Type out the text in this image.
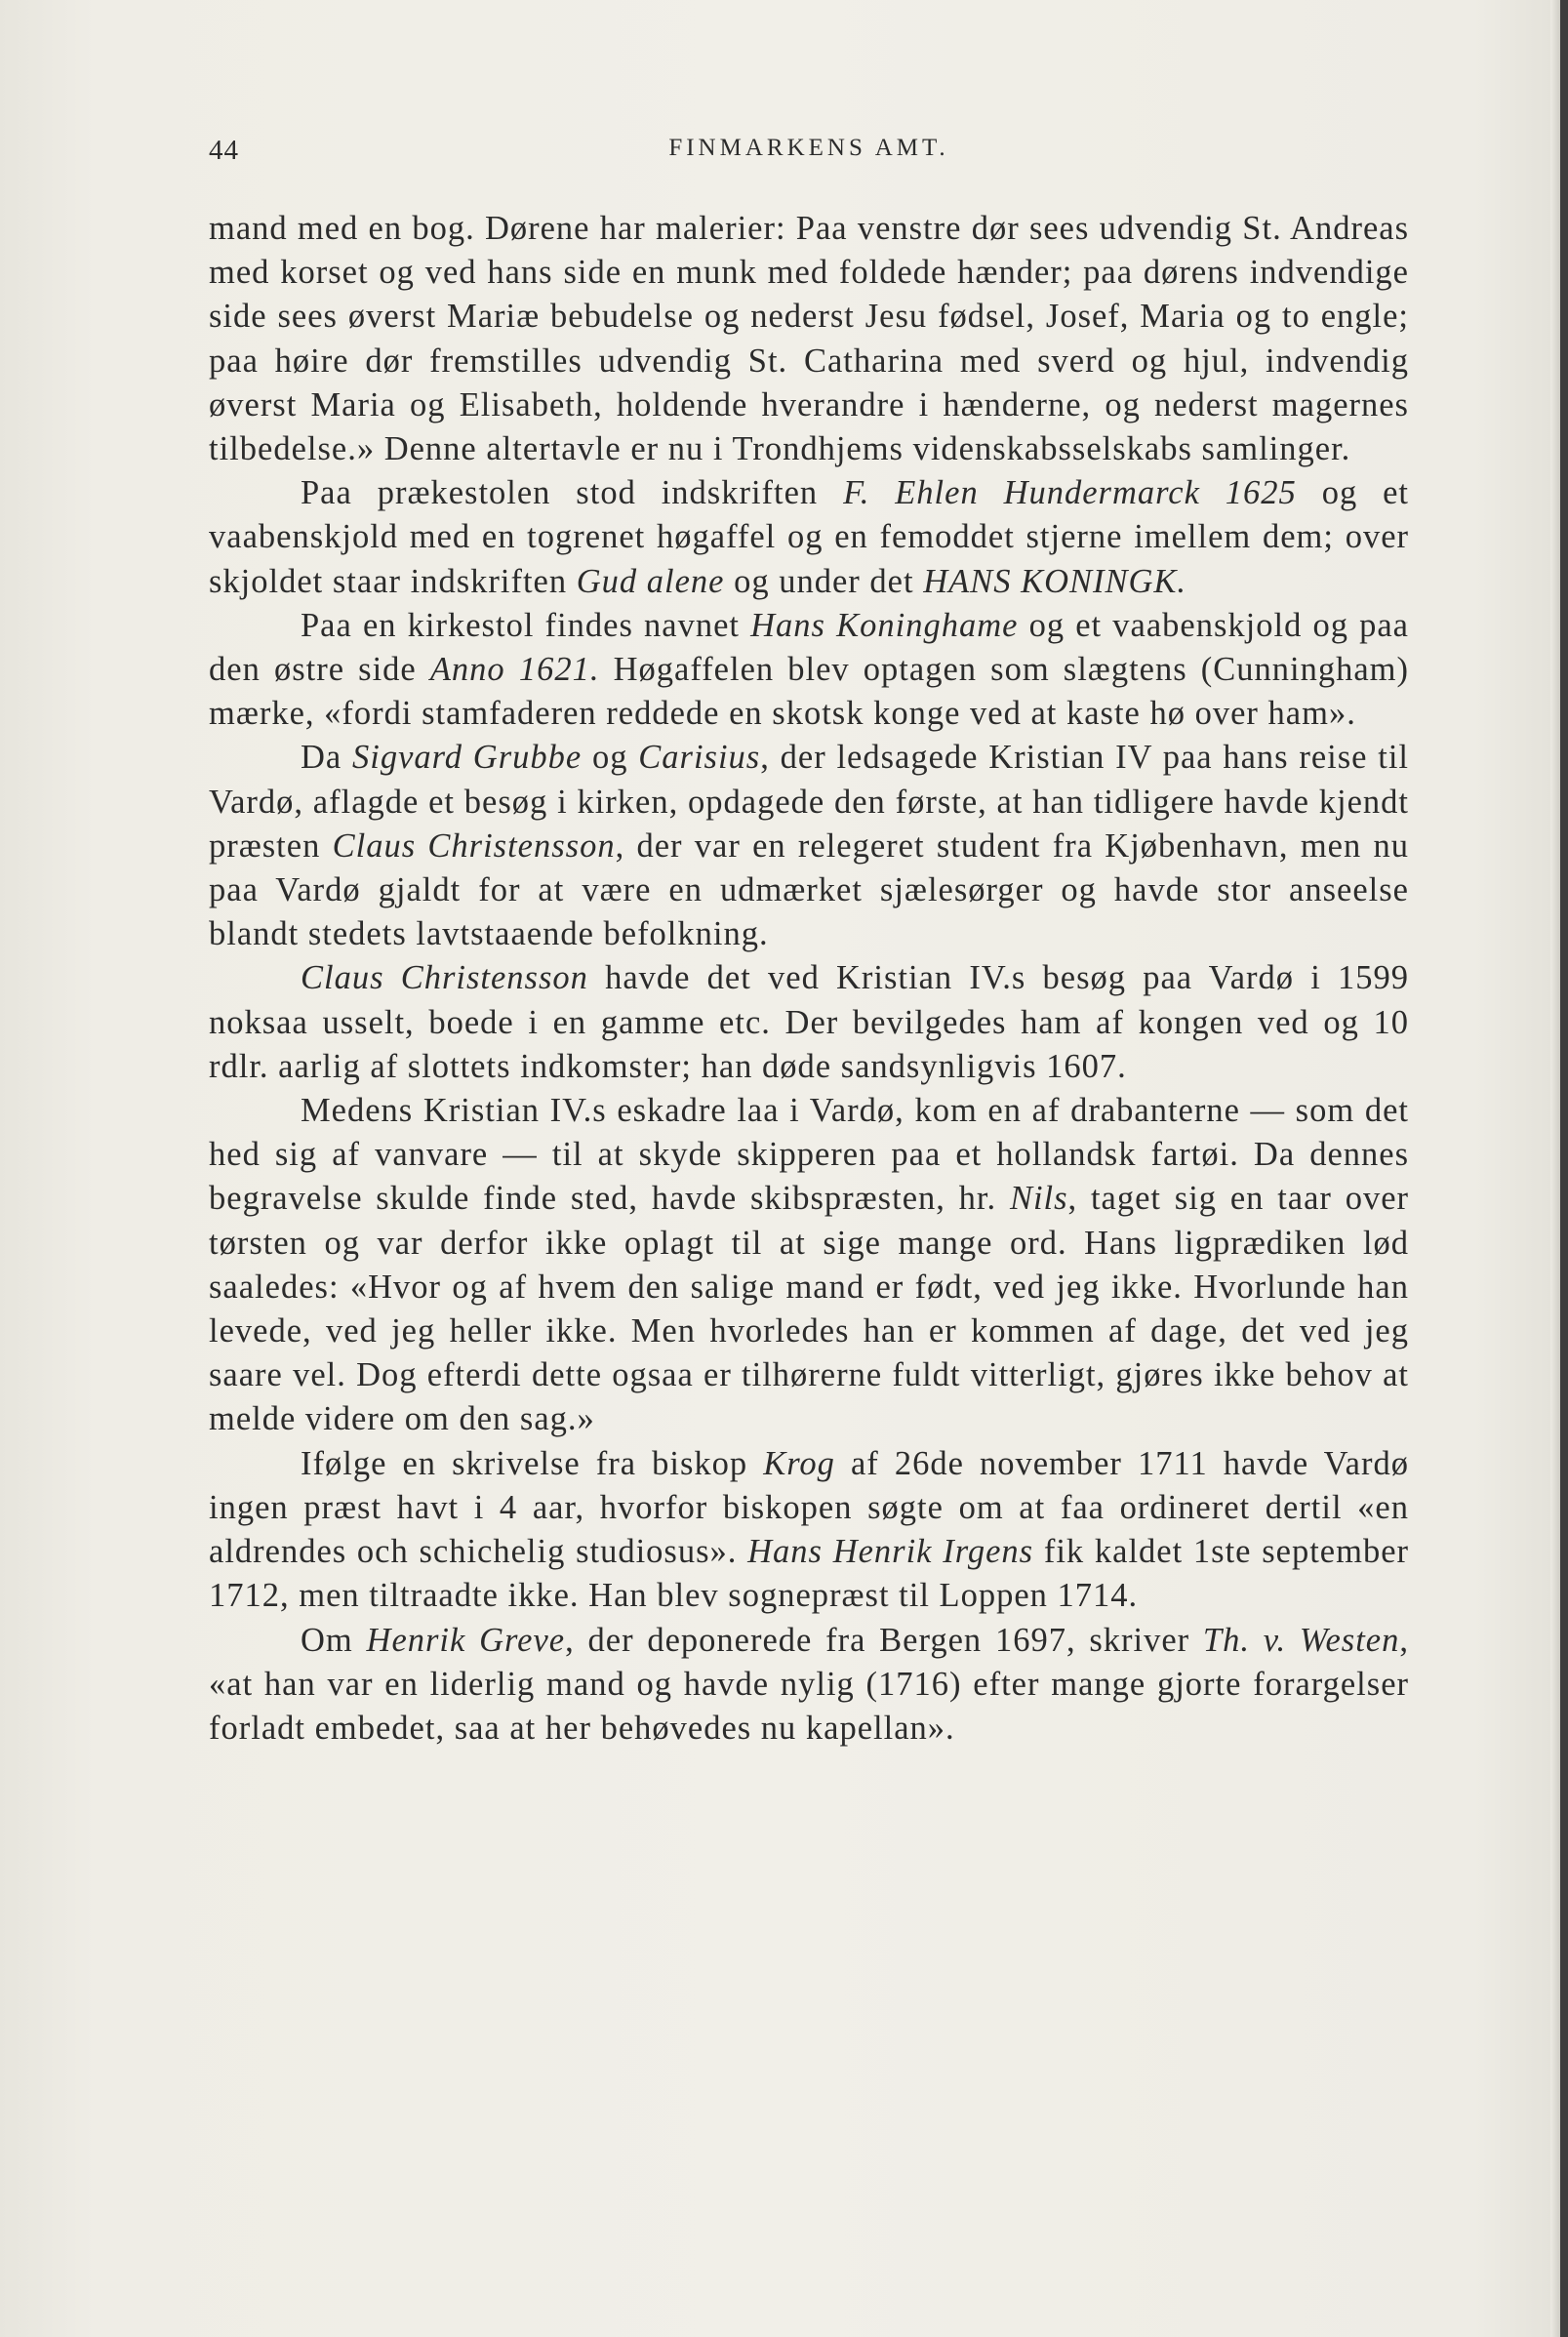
44	FINMARKENS AMT.

mand med en bog. Dørene har malerier: Paa venstre dør sees udvendig St. Andreas med korset og ved hans side en munk med foldede hænder; paa dørens indvendige side sees øverst Mariæ bebudelse og nederst Jesu fødsel, Josef, Maria og to engle; paa høire dør fremstilles udvendig St. Catharina med sverd og hjul, indvendig øverst Maria og Elisabeth, holdende hverandre i hænderne, og nederst magernes tilbedelse.» Denne altertavle er nu i Trondhjems videnskabsselskabs samlinger.

Paa prækestolen stod indskriften F. Ehlen Hundermarck 1625 og et vaabenskjold med en togrenet høgaffel og en femoddet stjerne imellem dem; over skjoldet staar indskriften Gud alene og under det HANS KONINGK.

Paa en kirkestol findes navnet Hans Koninghame og et vaabenskjold og paa den østre side Anno 1621. Høgaffelen blev optagen som slægtens (Cunningham) mærke, «fordi stamfaderen reddede en skotsk konge ved at kaste hø over ham».

Da Sigvard Grubbe og Carisius, der ledsagede Kristian IV paa hans reise til Vardø, aflagde et besøg i kirken, opdagede den første, at han tidligere havde kjendt præsten Claus Christensson, der var en relegeret student fra Kjøbenhavn, men nu paa Vardø gjaldt for at være en udmærket sjælesørger og havde stor anseelse blandt stedets lavtstaaende befolkning.

Claus Christensson havde det ved Kristian IV.s besøg paa Vardø i 1599 noksaa usselt, boede i en gamme etc. Der bevilgedes ham af kongen ved og 10 rdlr. aarlig af slottets indkomster; han døde sandsynligvis 1607.

Medens Kristian IV.s eskadre laa i Vardø, kom en af drabanterne — som det hed sig af vanvare — til at skyde skipperen paa et hollandsk fartøi. Da dennes begravelse skulde finde sted, havde skibspræsten, hr. Nils, taget sig en taar over tørsten og var derfor ikke oplagt til at sige mange ord. Hans ligprædiken lød saaledes: «Hvor og af hvem den salige mand er født, ved jeg ikke. Hvorlunde han levede, ved jeg heller ikke. Men hvorledes han er kommen af dage, det ved jeg saare vel. Dog efterdi dette ogsaa er tilhørerne fuldt vitterligt, gjøres ikke behov at melde videre om den sag.»

Ifølge en skrivelse fra biskop Krog af 26de november 1711 havde Vardø ingen præst havt i 4 aar, hvorfor biskopen søgte om at faa ordineret dertil «en aldrendes och schichelig studiosus». Hans Henrik Irgens fik kaldet 1ste september 1712, men tiltraadte ikke. Han blev sognepræst til Loppen 1714.

Om Henrik Greve, der deponerede fra Bergen 1697, skriver Th. v. Westen, «at han var en liderlig mand og havde nylig (1716) efter mange gjorte forargelser forladt embedet, saa at her behøvedes nu kapellan».
